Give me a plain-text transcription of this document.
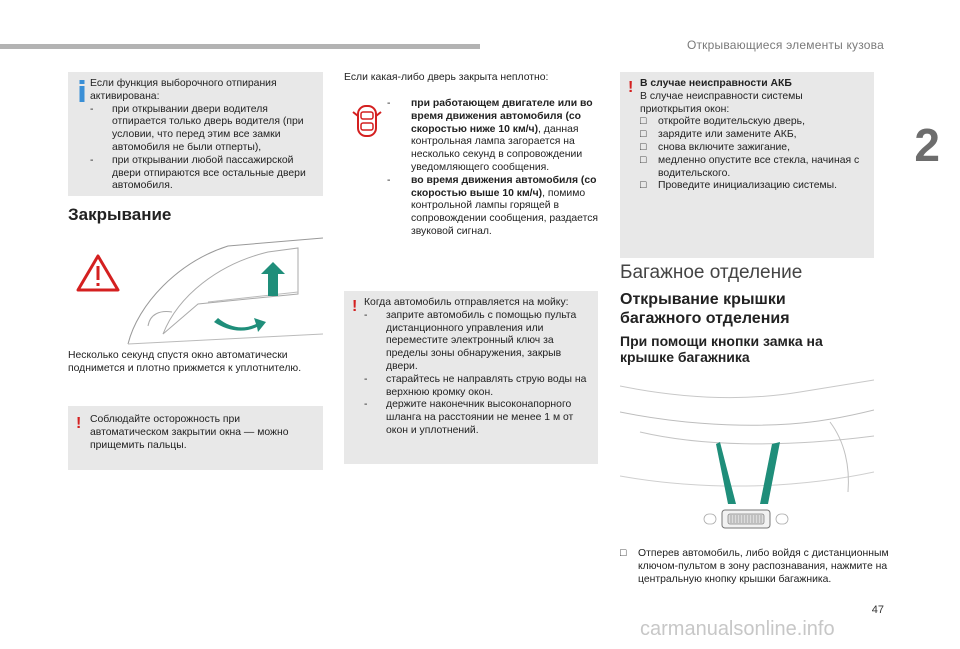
Открывающиеся элементы кузова
2

Если функция выборочного отпирания активирована:

- при открывании двери водителя отпирается только дверь водителя (при условии, что перед этим все замки автомобиля не были отперты),
- при открывании любой пассажирской двери отпираются все остальные двери автомобиля.
Закрывание
Несколько секунд спустя окно автоматически поднимется и плотно прижмется к уплотнителю.
! Соблюдайте осторожность при автоматическом закрытии окна — можно прищемить пальцы.
Если какая-либо дверь закрыта неплотно:
- при работающем двигателе или во время движения автомобиля (со скоростью ниже 10 км/ч), данная контрольная лампа загорается на несколько секунд в сопровождении уведомляющего сообщения.
- во время движения автомобиля (со скоростью выше 10 км/ч), помимо контрольной лампы горящей в сопровождении сообщения, раздается звуковой сигнал.
! Когда автомобиль отправляется на мойку:

- заприте автомобиль с помощью пульта дистанционного управления или переместите электронный ключ за пределы зоны обнаружения, закрыв двери.
- старайтесь не направлять струю воды на верхнюю кромку окон.
- держите наконечник высоконапорного шланга на расстоянии не менее 1 м от окон и уплотнений.
! В случае неисправности АКБ

В случае неисправности системы приоткрытия окон:

□ откройте водительскую дверь,
□ зарядите или замените АКБ,
□ снова включите зажигание,
□ медленно опустите все стекла, начиная с водительского.
□ Проведите инициализацию системы.
Багажное отделение
Открывание крышки багажного отделения
При помощи кнопки замка на крышке багажника
□ Отперев автомобиль, либо войдя с дистанционным ключом-пультом в зону распознавания, нажмите на центральную кнопку крышки багажника.
47
carmanualsonline.info
